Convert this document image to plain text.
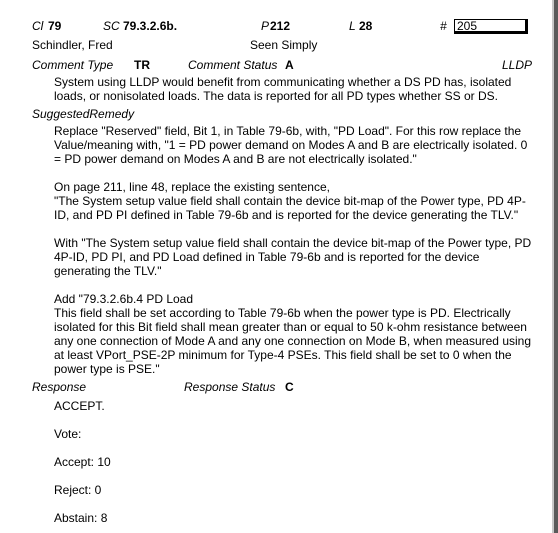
Cl 79	SC 79.3.2.6b.	P 212	L 28	# 205
Schindler, Fred	Seen Simply
Comment Type TR	Comment Status A	LLDP

System using LLDP would benefit from communicating whether a DS PD has, isolated loads, or nonisolated loads. The data is reported for all PD types whether SS or DS.

SuggestedRemedy

Replace "Reserved" field, Bit 1, in Table 79-6b, with, "PD Load". For this row replace the Value/meaning with, "1 = PD power demand on Modes A and B are electrically isolated. 0 = PD power demand on Modes A and B are not electrically isolated."

On page 211, line 48, replace the existing sentence,

"The System setup value field shall contain the device bit-map of the Power type, PD 4P-ID, and PD PI defined in Table 79-6b and is reported for the device generating the TLV."

With "The System setup value field shall contain the device bit-map of the Power type, PD 4P-ID, PD PI, and PD Load defined in Table 79-6b and is reported for the device generating the TLV."

Add "79.3.2.6b.4 PD Load

This field shall be set according to Table 79-6b when the power type is PD. Electrically isolated for this Bit field shall mean greater than or equal to 50 k-ohm resistance between any one connection of Mode A and any one connection on Mode B, when measured using at least VPort_PSE-2P minimum for Type-4 PSEs. This field shall be set to 0 when the power type is PSE."

Response	Response Status C

ACCEPT.

Vote:

Accept: 10

Reject: 0

Abstain: 8
